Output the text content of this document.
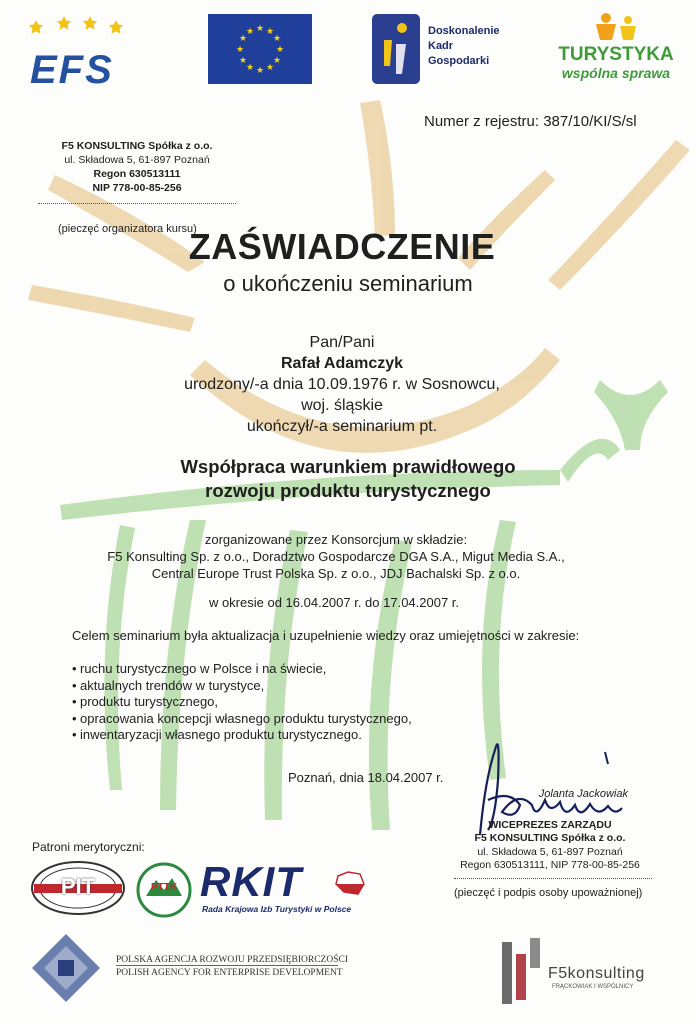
EFS
★ ★
★
★
★
★
★
★
★
★
★
★	Doskonalenie
Kadr
Gospodarki	TURYSTYKA
wspólna sprawa
Numer z rejestru: 387/10/KI/S/sl
F5 KONSULTING Spółka z o.o.
ul. Składowa 5, 61-897 Poznań
Regon 630513111
NIP 778-00-85-256
(pieczęć organizatora kursu)
ZAŚWIADCZENIE
o ukończeniu seminarium
Pan/Pani
Rafał Adamczyk
urodzony/-a dnia 10.09.1976 r. w Sosnowcu,
woj. śląskie
ukończył/-a seminarium pt.
Współpraca warunkiem prawidłowego
rozwoju produktu turystycznego
zorganizowane przez Konsorcjum w składzie:
F5 Konsulting Sp. z o.o., Doradztwo Gospodarcze DGA S.A., Migut Media S.A.,
Central Europe Trust Polska Sp. z o.o., JDJ Bachalski Sp. z o.o.
w okresie od 16.04.2007 r. do 17.04.2007 r.
Celem seminarium była aktualizacja i uzupełnienie wiedzy oraz umiejętności w zakresie:
• ruchu turystycznego w Polsce i na świecie,
• aktualnych trendów w turystyce,
• produktu turystycznego,
• opracowania koncepcji własnego produktu turystycznego,
• inwentaryzacji własnego produktu turystycznego.
Poznań, dnia 18.04.2007 r.
Jolanta Jackowiak
WICEPREZES ZARZĄDU
F5 KONSULTING Spółka z o.o.
ul. Składowa 5, 61-897 Poznań
Regon 630513111, NIP 778-00-85-256
(pieczęć i podpis osoby upoważnionej)
Patroni merytoryczni:
PIT	PTTK RKIT
Rada Krajowa Izb Turystyki w Polsce
POLSKA AGENCJA ROZWOJU PRZEDSIĘBIORCZOŚCI
POLISH AGENCY FOR ENTERPRISE DEVELOPMENT	F5konsulting
FRĄCKOWIAK I WSPÓLNICY
